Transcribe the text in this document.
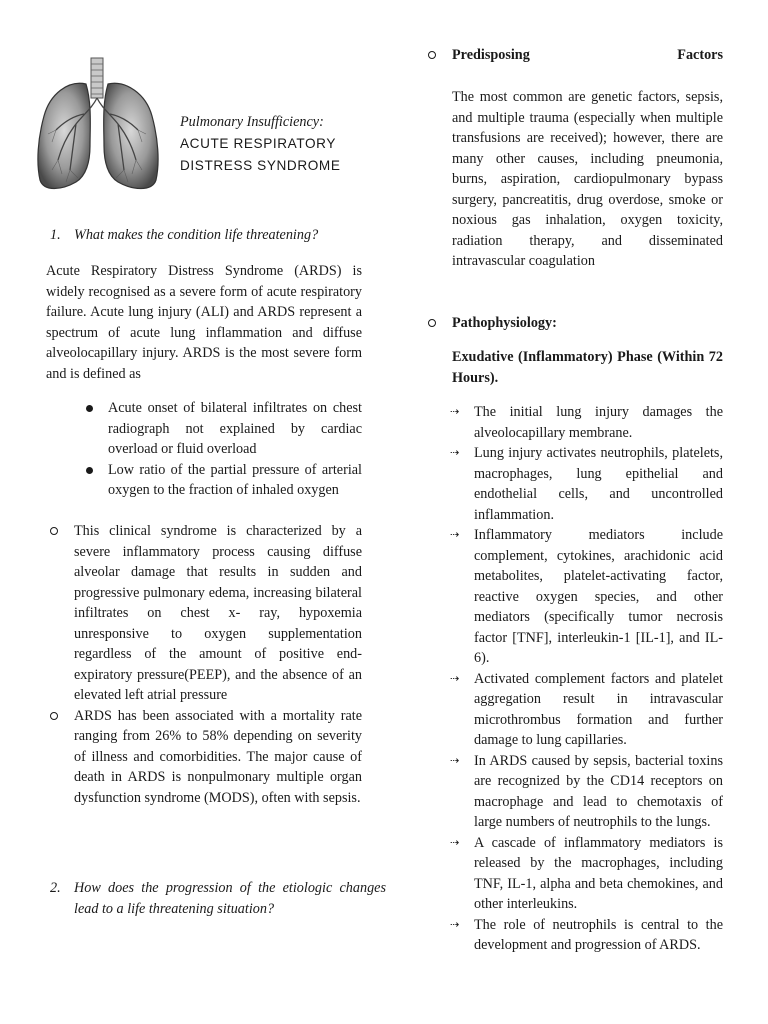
Pulmonary Insufficiency:
ACUTE RESPIRATORY
DISTRESS SYNDROME
1. What makes the condition life threatening?
Acute Respiratory Distress Syndrome (ARDS) is widely recognised as a severe form of acute respiratory failure. Acute lung injury (ALI) and ARDS represent a spectrum of acute lung inflammation and diffuse alveolocapillary injury. ARDS is the most severe form and is defined as
Acute onset of bilateral infiltrates on chest radiograph not explained by cardiac overload or fluid overload
Low ratio of the partial pressure of arterial oxygen to the fraction of inhaled oxygen
This clinical syndrome is characterized by a severe inflammatory process causing diffuse alveolar damage that results in sudden and progressive pulmonary edema, increasing bilateral infiltrates on chest x- ray, hypoxemia unresponsive to oxygen supplementation regardless of the amount of positive end-expiratory pressure(PEEP), and the absence of an elevated left atrial pressure
ARDS has been associated with a mortality rate ranging from 26% to 58% depending on severity of illness and comorbidities. The major cause of death in ARDS is nonpulmonary multiple organ dysfunction syndrome (MODS), often with sepsis.
2. How does the progression of the etiologic changes lead to a life threatening situation?
Predisposing	Factors
The most common are genetic factors, sepsis, and multiple trauma (especially when multiple transfusions are received); however, there are many other causes, including pneumonia, burns, aspiration, cardiopulmonary bypass surgery, pancreatitis, drug overdose, smoke or noxious gas inhalation, oxygen toxicity, radiation therapy, and disseminated intravascular coagulation
Pathophysiology:
Exudative (Inflammatory) Phase (Within 72 Hours).
⇢ The initial lung injury damages the alveolocapillary membrane.
⇢ Lung injury activates neutrophils, platelets, macrophages, lung epithelial and endothelial cells, and uncontrolled inflammation.
⇢ Inflammatory mediators include complement, cytokines, arachidonic acid metabolites, platelet-activating factor, reactive oxygen species, and other mediators (specifically tumor necrosis factor [TNF], interleukin-1 [IL-1], and IL-6).
⇢ Activated complement factors and platelet aggregation result in intravascular microthrombus formation and further damage to lung capillaries.
⇢ In ARDS caused by sepsis, bacterial toxins are recognized by the CD14 receptors on macrophage and lead to chemotaxis of large numbers of neutrophils to the lungs.
⇢ A cascade of inflammatory mediators is released by the macrophages, including TNF, IL-1, alpha and beta chemokines, and other interleukins.
⇢ The role of neutrophils is central to the development and progression of ARDS.
